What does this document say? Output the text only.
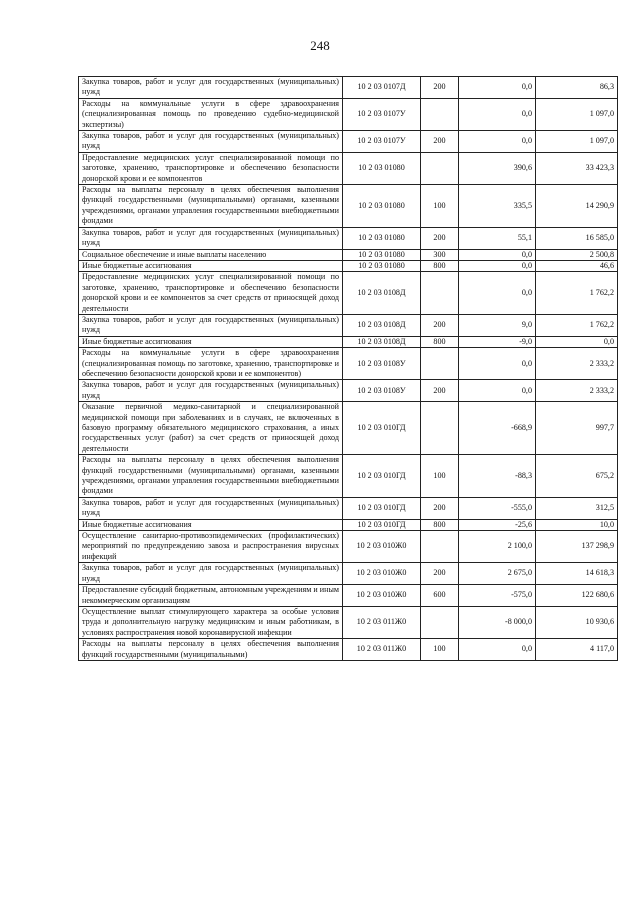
248
Закупка товаров, работ и услуг для государственных (муниципальных) нужд	10 2 03 0107Д	200	0,0	86,3
Расходы на коммунальные услуги в сфере здравоохранения (специализированная помощь по проведению судебно-медицинской экспертизы)	10 2 03 0107У		0,0	1 097,0
Закупка товаров, работ и услуг для государственных (муниципальных) нужд	10 2 03 0107У	200	0,0	1 097,0
Предоставление медицинских услуг специализированной помощи по заготовке, хранению, транспортировке и обеспечению безопасности донорской крови и ее компонентов	10 2 03 01080		390,6	33 423,3
Расходы на выплаты персоналу в целях обеспечения выполнения функций государственными (муниципальными) органами, казенными учреждениями, органами управления государственными внебюджетными фондами	10 2 03 01080	100	335,5	14 290,9
Закупка товаров, работ и услуг для государственных (муниципальных) нужд	10 2 03 01080	200	55,1	16 585,0
Социальное обеспечение и иные выплаты населению	10 2 03 01080	300	0,0	2 500,8
Иные бюджетные ассигнования	10 2 03 01080	800	0,0	46,6
Предоставление медицинских услуг специализированной помощи по заготовке, хранению, транспортировке и обеспечению безопасности донорской крови и ее компонентов за счет средств от приносящей доход деятельности	10 2 03 0108Д		0,0	1 762,2
Закупка товаров, работ и услуг для государственных (муниципальных) нужд	10 2 03 0108Д	200	9,0	1 762,2
Иные бюджетные ассигнования	10 2 03 0108Д	800	-9,0	0,0
Расходы на коммунальные услуги в сфере здравоохранения (специализированная помощь по заготовке, хранению, транспортировке и обеспечению безопасности донорской крови и ее компонентов)	10 2 03 0108У		0,0	2 333,2
Закупка товаров, работ и услуг для государственных (муниципальных) нужд	10 2 03 0108У	200	0,0	2 333,2
Оказание первичной медико-санитарной и специализированной медицинской помощи при заболеваниях и в случаях, не включенных в базовую программу обязательного медицинского страхования, а иных государственных услуг (работ) за счет средств от приносящей доход деятельности	10 2 03 010ГД		-668,9	997,7
Расходы на выплаты персоналу в целях обеспечения выполнения функций государственными (муниципальными) органами, казенными учреждениями, органами управления государственными внебюджетными фондами	10 2 03 010ГД	100	-88,3	675,2
Закупка товаров, работ и услуг для государственных (муниципальных) нужд	10 2 03 010ГД	200	-555,0	312,5
Иные бюджетные ассигнования	10 2 03 010ГД	800	-25,6	10,0
Осуществление санитарно-противоэпидемических (профилактических) мероприятий по предупреждению завоза и распространения вирусных инфекций	10 2 03 010Ж0		2 100,0	137 298,9
Закупка товаров, работ и услуг для государственных (муниципальных) нужд	10 2 03 010Ж0	200	2 675,0	14 618,3
Предоставление субсидий бюджетным, автономным учреждениям и иным некоммерческим организациям	10 2 03 010Ж0	600	-575,0	122 680,6
Осуществление выплат стимулирующего характера за особые условия труда и дополнительную нагрузку медицинским и иным работникам, в условиях распространения новой коронавирусной инфекции	10 2 03 011Ж0		-8 000,0	10 930,6
Расходы на выплаты персоналу в целях обеспечения выполнения функций государственными (муниципальными)	10 2 03 011Ж0	100	0,0	4 117,0
